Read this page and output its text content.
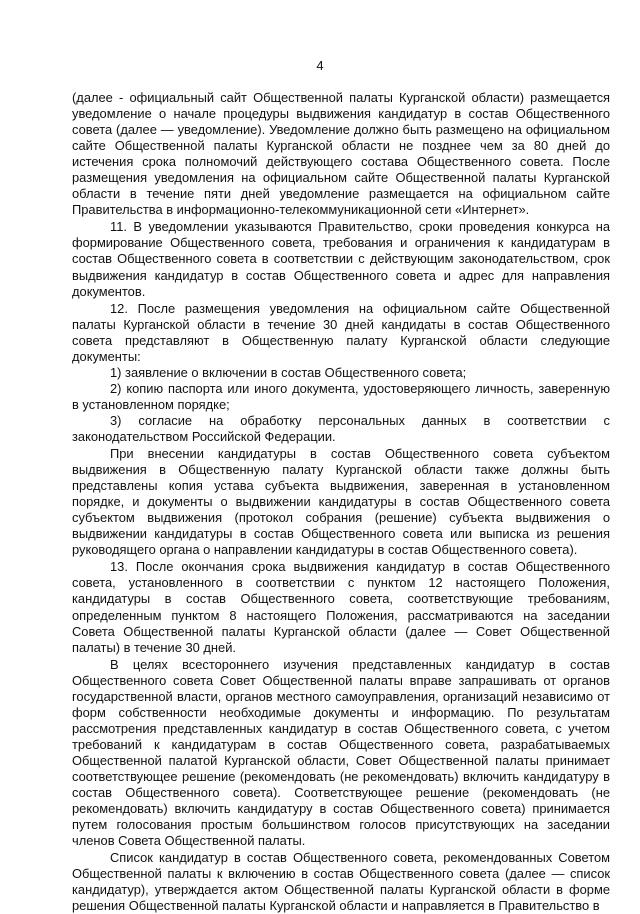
4

(далее - официальный сайт Общественной палаты Курганской области) размещается уведомление о начале процедуры выдвижения кандидатур в состав Общественного совета (далее — уведомление). Уведомление должно быть размещено на официальном сайте Общественной палаты Курганской области не позднее чем за 80 дней до истечения срока полномочий действующего состава Общественного совета. После размещения уведомления на официальном сайте Общественной палаты Курганской области в течение пяти дней уведомление размещается на официальном сайте Правительства в информационно-телекоммуникационной сети «Интернет».

11. В уведомлении указываются Правительство, сроки проведения конкурса на формирование Общественного совета, требования и ограничения к кандидатурам в состав Общественного совета в соответствии с действующим законодательством, срок выдвижения кандидатур в состав Общественного совета и адрес для направления документов.

12. После размещения уведомления на официальном сайте Общественной палаты Курганской области в течение 30 дней кандидаты в состав Общественного совета представляют в Общественную палату Курганской области следующие документы:

1) заявление о включении в состав Общественного совета;

2) копию паспорта или иного документа, удостоверяющего личность, заверенную в установленном порядке;

3) согласие на обработку персональных данных в соответствии с законодательством Российской Федерации.

При внесении кандидатуры в состав Общественного совета субъектом выдвижения в Общественную палату Курганской области также должны быть представлены копия устава субъекта выдвижения, заверенная в установленном порядке, и документы о выдвижении кандидатуры в состав Общественного совета субъектом выдвижения (протокол собрания (решение) субъекта выдвижения о выдвижении кандидатуры в состав Общественного совета или выписка из решения руководящего органа о направлении кандидатуры в состав Общественного совета).

13. После окончания срока выдвижения кандидатур в состав Общественного совета, установленного в соответствии с пунктом 12 настоящего Положения, кандидатуры в состав Общественного совета, соответствующие требованиям, определенным пунктом 8 настоящего Положения, рассматриваются на заседании Совета Общественной палаты Курганской области (далее — Совет Общественной палаты) в течение 30 дней.

В целях всестороннего изучения представленных кандидатур в состав Общественного совета Совет Общественной палаты вправе запрашивать от органов государственной власти, органов местного самоуправления, организаций независимо от форм собственности необходимые документы и информацию. По результатам рассмотрения представленных кандидатур в состав Общественного совета, с учетом требований к кандидатурам в состав Общественного совета, разрабатываемых Общественной палатой Курганской области, Совет Общественной палаты принимает соответствующее решение (рекомендовать (не рекомендовать) включить кандидатуру в состав Общественного совета). Соответствующее решение (рекомендовать (не рекомендовать) включить кандидатуру в состав Общественного совета) принимается путем голосования простым большинством голосов присутствующих на заседании членов Совета Общественной палаты.

Список кандидатур в состав Общественного совета, рекомендованных Советом Общественной палаты к включению в состав Общественного совета (далее — список кандидатур), утверждается актом Общественной палаты Курганской области в форме решения Общественной палаты Курганской области и направляется в Правительство в
